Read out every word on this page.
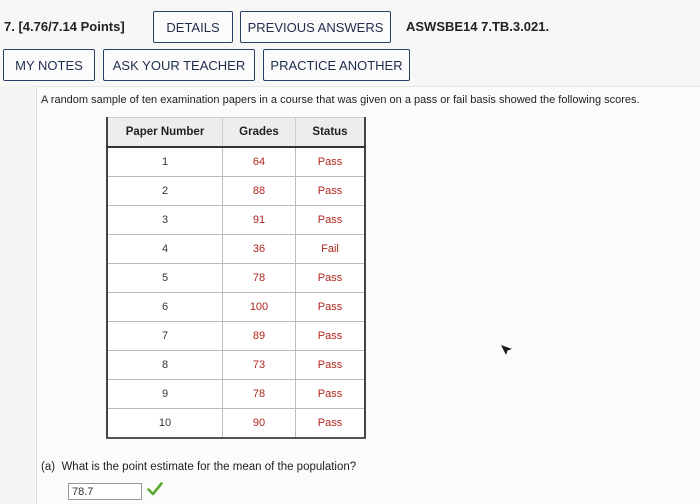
7. [4.76/7.14 Points]	DETAILS	PREVIOUS ANSWERS	ASWSBE14 7.TB.3.021.
MY NOTES	ASK YOUR TEACHER	PRACTICE ANOTHER
A random sample of ten examination papers in a course that was given on a pass or fail basis showed the following scores.
Paper Number	Grades	Status
1	64	Pass
2	88	Pass
3	91	Pass
4	36	Fail
5	78	Pass
6	100	Pass
7	89	Pass
8	73	Pass
9	78	Pass
10	90	Pass
(a) What is the point estimate for the mean of the population?
78.7
